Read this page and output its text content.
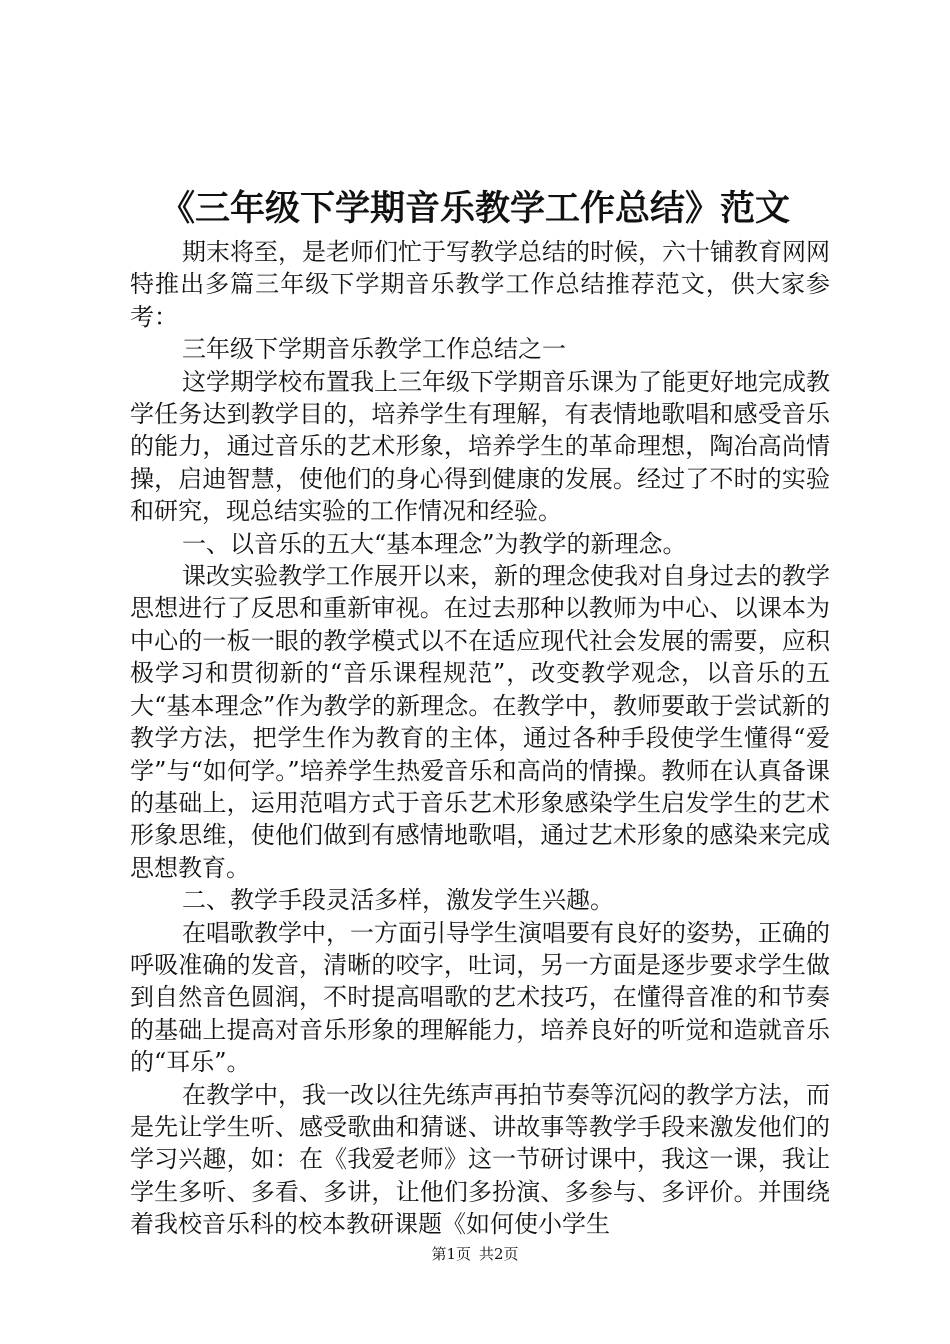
《三年级下学期音乐教学工作总结》范文

期末将至，是老师们忙于写教学总结的时候，六十铺教育网网特推出多篇三年级下学期音乐教学工作总结推荐范文，供大家参考：

三年级下学期音乐教学工作总结之一

这学期学校布置我上三年级下学期音乐课为了能更好地完成教学任务达到教学目的，培养学生有理解，有表情地歌唱和感受音乐的能力，通过音乐的艺术形象，培养学生的革命理想，陶冶高尚情操，启迪智慧，使他们的身心得到健康的发展。经过了不时的实验和研究，现总结实验的工作情况和经验。

一、以音乐的五大“基本理念”为教学的新理念。

课改实验教学工作展开以来，新的理念使我对自身过去的教学思想进行了反思和重新审视。在过去那种以教师为中心、以课本为中心的一板一眼的教学模式以不在适应现代社会发展的需要，应积极学习和贯彻新的“音乐课程规范”，改变教学观念，以音乐的五大“基本理念”作为教学的新理念。在教学中，教师要敢于尝试新的教学方法，把学生作为教育的主体，通过各种手段使学生懂得“爱学”与“如何学。”培养学生热爱音乐和高尚的情操。教师在认真备课的基础上，运用范唱方式于音乐艺术形象感染学生启发学生的艺术形象思维，使他们做到有感情地歌唱，通过艺术形象的感染来完成思想教育。

二、教学手段灵活多样，激发学生兴趣。

在唱歌教学中，一方面引导学生演唱要有良好的姿势，正确的呼吸准确的发音，清晰的咬字，吐词，另一方面是逐步要求学生做到自然音色圆润，不时提高唱歌的艺术技巧，在懂得音准的和节奏的基础上提高对音乐形象的理解能力，培养良好的听觉和造就音乐的“耳乐”。

在教学中，我一改以往先练声再拍节奏等沉闷的教学方法，而是先让学生听、感受歌曲和猜谜、讲故事等教学手段来激发他们的学习兴趣，如：在《我爱老师》这一节研讨课中，我这一课，我让学生多听、多看、多讲，让他们多扮演、多参与、多评价。并围绕着我校音乐科的校本教研课题《如何使小学生

第1页 共2页
